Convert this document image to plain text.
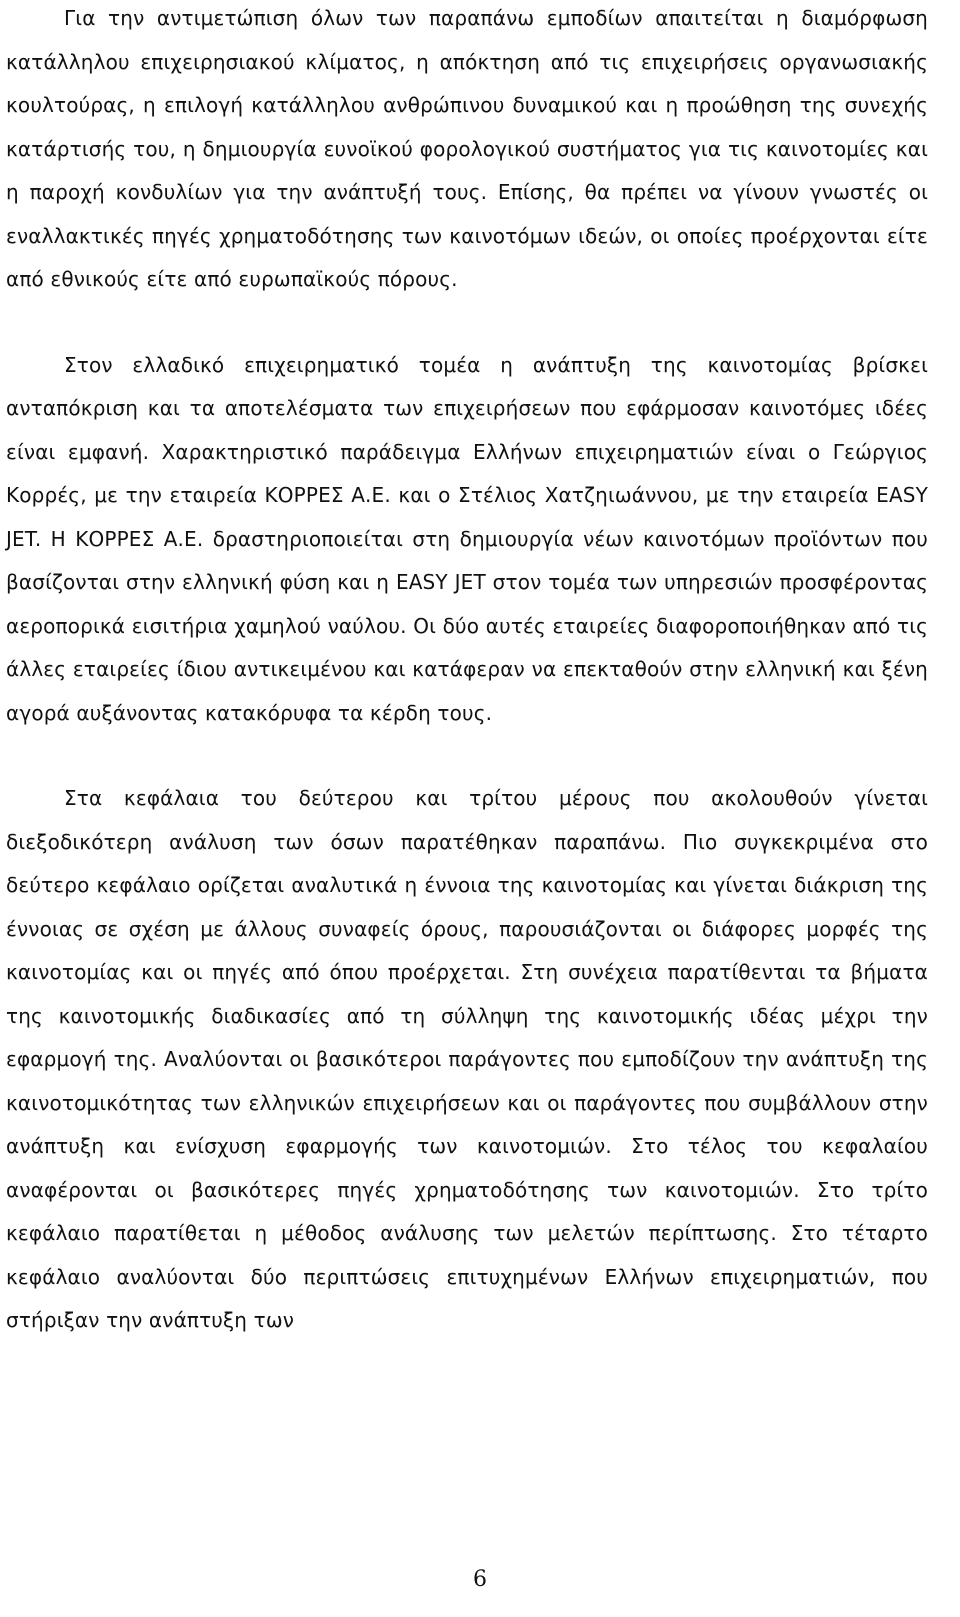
Για την αντιμετώπιση όλων των παραπάνω εμποδίων απαιτείται η διαμόρφωση κατάλληλου επιχειρησιακού κλίματος, η απόκτηση από τις επιχειρήσεις οργανωσιακής κουλτούρας, η επιλογή κατάλληλου ανθρώπινου δυναμικού και η προώθηση της συνεχής κατάρτισής του, η δημιουργία ευνοϊκού φορολογικού συστήματος για τις καινοτομίες και η παροχή κονδυλίων για την ανάπτυξή τους. Επίσης, θα πρέπει να γίνουν γνωστές οι εναλλακτικές πηγές χρηματοδότησης των καινοτόμων ιδεών, οι οποίες προέρχονται είτε από εθνικούς είτε από ευρωπαϊκούς πόρους.

Στον ελλαδικό επιχειρηματικό τομέα η ανάπτυξη της καινοτομίας βρίσκει ανταπόκριση και τα αποτελέσματα των επιχειρήσεων που εφάρμοσαν καινοτόμες ιδέες είναι εμφανή. Χαρακτηριστικό παράδειγμα Ελλήνων επιχειρηματιών είναι ο Γεώργιος Κορρές, με την εταιρεία ΚΟΡΡΕΣ Α.Ε. και ο Στέλιος Χατζηιωάννου, με την εταιρεία EASY JET. Η ΚΟΡΡΕΣ Α.Ε. δραστηριοποιείται στη δημιουργία νέων καινοτόμων προϊόντων που βασίζονται στην ελληνική φύση και η EASY JET στον τομέα των υπηρεσιών προσφέροντας αεροπορικά εισιτήρια χαμηλού ναύλου. Οι δύο αυτές εταιρείες διαφοροποιήθηκαν από τις άλλες εταιρείες ίδιου αντικειμένου και κατάφεραν να επεκταθούν στην ελληνική και ξένη αγορά αυξάνοντας κατακόρυφα τα κέρδη τους.

Στα κεφάλαια του δεύτερου και τρίτου μέρους που ακολουθούν γίνεται διεξοδικότερη ανάλυση των όσων παρατέθηκαν παραπάνω. Πιο συγκεκριμένα στο δεύτερο κεφάλαιο ορίζεται αναλυτικά η έννοια της καινοτομίας και γίνεται διάκριση της έννοιας σε σχέση με άλλους συναφείς όρους, παρουσιάζονται οι διάφορες μορφές της καινοτομίας και οι πηγές από όπου προέρχεται. Στη συνέχεια παρατίθενται τα βήματα της καινοτομικής διαδικασίες από τη σύλληψη της καινοτομικής ιδέας μέχρι την εφαρμογή της. Αναλύονται οι βασικότεροι παράγοντες που εμποδίζουν την ανάπτυξη της καινοτομικότητας των ελληνικών επιχειρήσεων και οι παράγοντες που συμβάλλουν στην ανάπτυξη και ενίσχυση εφαρμογής των καινοτομιών. Στο τέλος του κεφαλαίου αναφέρονται οι βασικότερες πηγές χρηματοδότησης των καινοτομιών. Στο τρίτο κεφάλαιο παρατίθεται η μέθοδος ανάλυσης των μελετών περίπτωσης. Στο τέταρτο κεφάλαιο αναλύονται δύο περιπτώσεις επιτυχημένων Ελλήνων επιχειρηματιών, που στήριξαν την ανάπτυξη των

6
